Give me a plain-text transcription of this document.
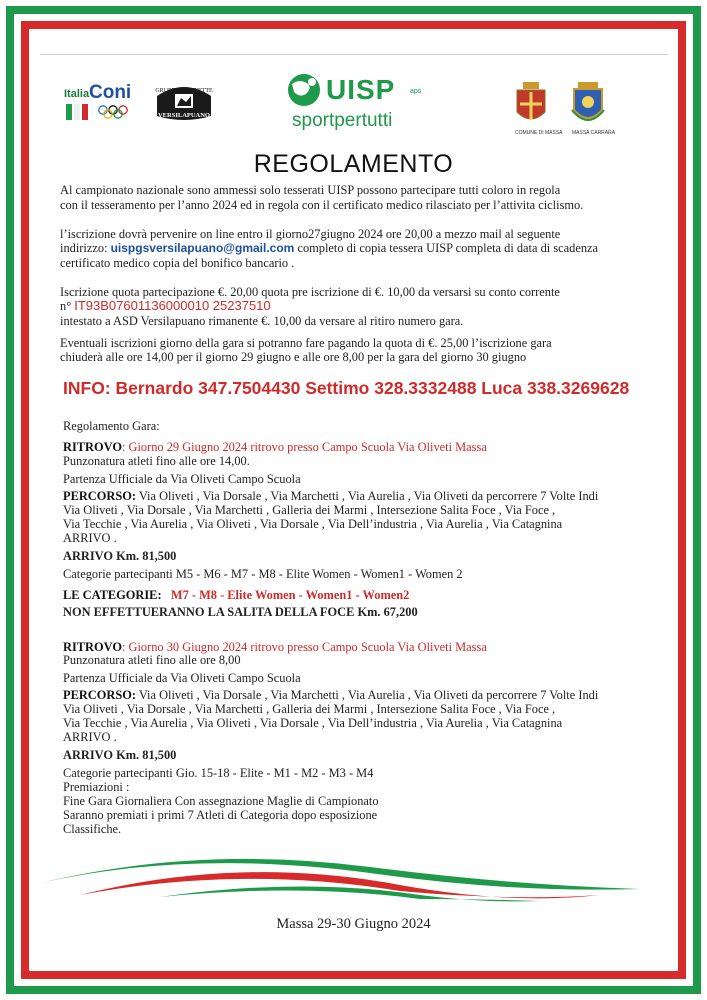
Italia Coni	GRUPPO STAFFETTE
VERSILAPUANO
UISP aps
sportpertutti
COMUNE DI MASSA MASSA CARRARA
REGOLAMENTO
Al campionato nazionale sono ammessi solo tesserati UISP possono partecipare tutti coloro in regola
con il tesseramento per l’anno 2024 ed in regola con il certificato medico rilasciato per l’attivita ciclismo.
l’iscrizione dovrà pervenire on line entro il giorno27giugno 2024 ore 20,00 a mezzo mail al seguente
indirizzo: uispgsversilapuano@gmail.com completo di copia tessera UISP completa di data di scadenza
certificato medico copia del bonifico bancario .
Iscrizione quota partecipazione €. 20,00 quota pre iscrizione di €. 10,00 da versarsi su conto corrente
n° IT93B07601136000010 25237510
intestato a ASD Versilapuano rimanente €. 10,00 da versare al ritiro numero gara.
Eventuali iscrizioni giorno della gara si potranno fare pagando la quota di €. 25,00 l’iscrizione gara
chiuderà alle ore 14,00 per il giorno 29 giugno e alle ore 8,00 per la gara del giorno 30 giugno
INFO: Bernardo 347.7504430 Settimo 328.3332488 Luca 338.3269628
Regolamento Gara:
RITROVO: Giorno 29 Giugno 2024 ritrovo presso Campo Scuola Via Oliveti Massa
Punzonatura atleti fino alle ore 14,00.
Partenza Ufficiale da Via Oliveti Campo Scuola
PERCORSO: Via Oliveti , Via Dorsale , Via Marchetti , Via Aurelia , Via Oliveti da percorrere 7 Volte Indi
Via Oliveti , Via Dorsale , Via Marchetti , Galleria dei Marmi , Intersezione Salita Foce , Via Foce ,
Via Tecchie , Via Aurelia , Via Oliveti , Via Dorsale , Via Dell’industria , Via Aurelia , Via Catagnina
ARRIVO .
ARRIVO Km. 81,500
Categorie partecipanti M5 - M6 - M7 - M8 - Elite Women - Women1 - Women 2
LE CATEGORIE:   M7 - M8 - Elite Women - Women1 - Women2
NON EFFETTUERANNO LA SALITA DELLA FOCE Km. 67,200
RITROVO: Giorno 30 Giugno 2024 ritrovo presso Campo Scuola Via Oliveti Massa
Punzonatura atleti fino alle ore 8,00
Partenza Ufficiale da Via Oliveti Campo Scuola
PERCORSO: Via Oliveti , Via Dorsale , Via Marchetti , Via Aurelia , Via Oliveti da percorrere 7 Volte Indi
Via Oliveti , Via Dorsale , Via Marchetti , Galleria dei Marmi , Intersezione Salita Foce , Via Foce ,
Via Tecchie , Via Aurelia , Via Oliveti , Via Dorsale , Via Dell’industria , Via Aurelia , Via Catagnina
ARRIVO .
ARRIVO Km. 81,500
Categorie partecipanti Gio. 15-18 - Elite - M1 - M2 - M3 - M4
Premiazioni :
Fine Gara Giornaliera Con assegnazione Maglie di Campionato
Saranno premiati i primi 7 Atleti di Categoria dopo esposizione
Classifiche.
Massa 29-30 Giugno 2024
